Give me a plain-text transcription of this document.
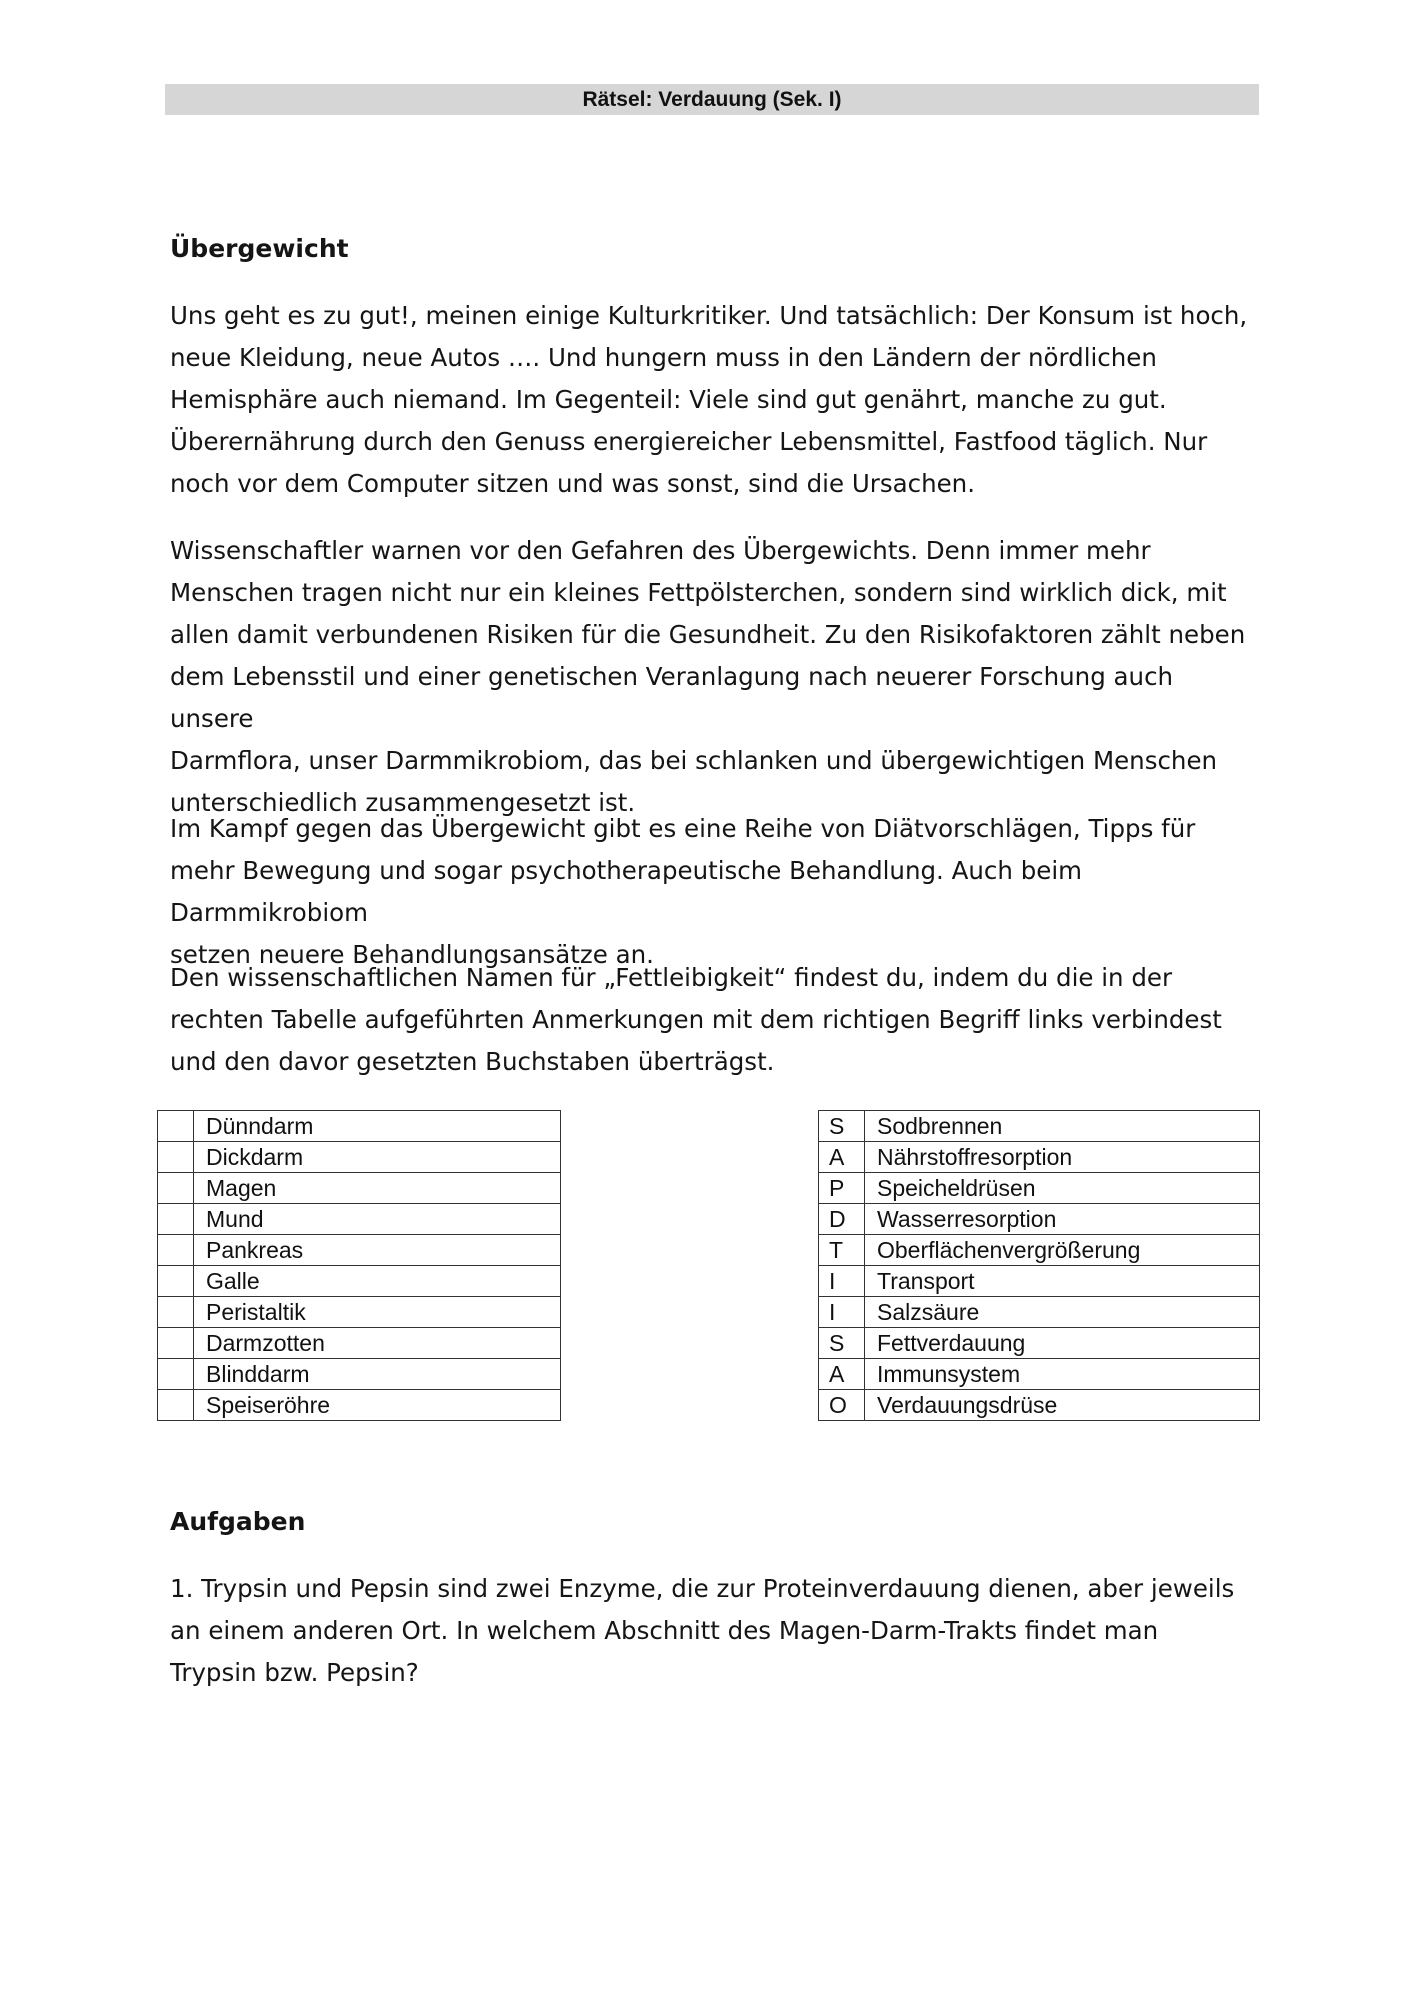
Rätsel: Verdauung (Sek. I)
Übergewicht

Uns geht es zu gut!, meinen einige Kulturkritiker. Und tatsächlich: Der Konsum ist hoch,

neue Kleidung, neue Autos …. Und hungern muss in den Ländern der nördlichen

Hemisphäre auch niemand. Im Gegenteil: Viele sind gut genährt, manche zu gut.

Überernährung durch den Genuss energiereicher Lebensmittel, Fastfood täglich. Nur

noch vor dem Computer sitzen und was sonst, sind die Ursachen.

Wissenschaftler warnen vor den Gefahren des Übergewichts. Denn immer mehr

Menschen tragen nicht nur ein kleines Fettpölsterchen, sondern sind wirklich dick, mit

allen damit verbundenen Risiken für die Gesundheit. Zu den Risikofaktoren zählt neben

dem Lebensstil und einer genetischen Veranlagung nach neuerer Forschung auch unsere

Darmflora, unser Darmmikrobiom, das bei schlanken und übergewichtigen Menschen

unterschiedlich zusammengesetzt ist.

Im Kampf gegen das Übergewicht gibt es eine Reihe von Diätvorschlägen, Tipps für

mehr Bewegung und sogar psychotherapeutische Behandlung. Auch beim Darmmikrobiom

setzen neuere Behandlungsansätze an.

Den wissenschaftlichen Namen für „Fettleibigkeit“ findest du, indem du die in der

rechten Tabelle aufgeführten Anmerkungen mit dem richtigen Begriff links verbindest

und den davor gesetzten Buchstaben überträgst.

	Dünndarm
	Dickdarm
	Magen
	Mund
	Pankreas
	Galle
	Peristaltik
	Darmzotten
	Blinddarm
	Speiseröhre
S	Sodbrennen
A	Nährstoffresorption
P	Speicheldrüsen
D	Wasserresorption
T	Oberflächenvergrößerung
I	Transport
I	Salzsäure
S	Fettverdauung
A	Immunsystem
O	Verdauungsdrüse
Aufgaben

1. Trypsin und Pepsin sind zwei Enzyme, die zur Proteinverdauung dienen, aber jeweils

an einem anderen Ort. In welchem Abschnitt des Magen-Darm-Trakts findet man

Trypsin bzw. Pepsin?
